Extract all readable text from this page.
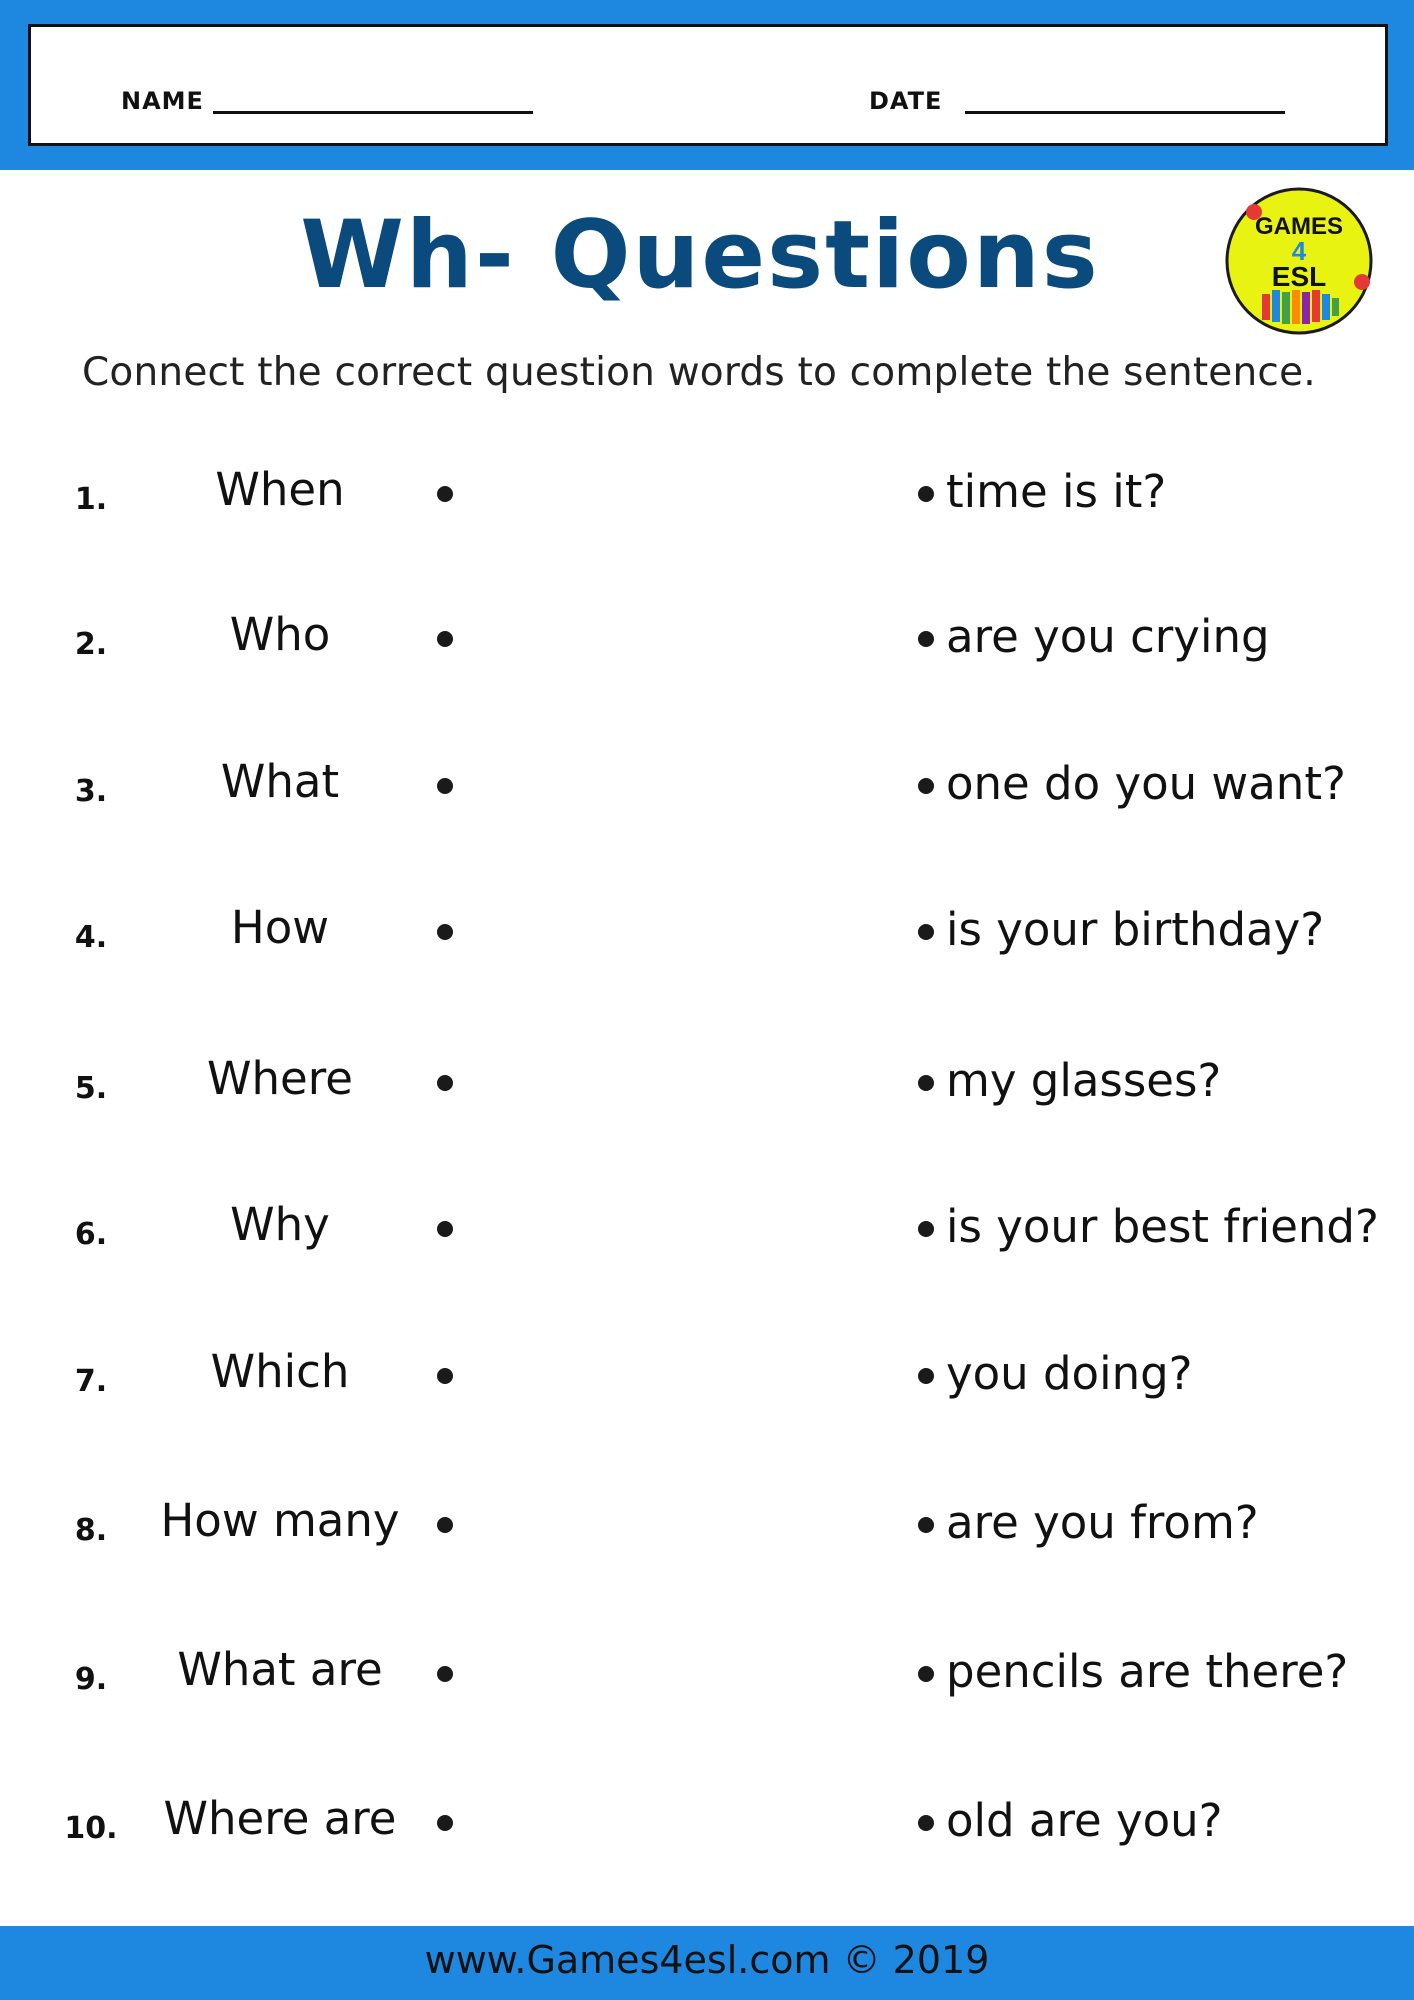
NAME	DATE
Wh- Questions	GAMES
4
ESL
Connect the correct question words to complete the sentence.
1.	When	time is it?
2.	Who	are you crying
3.	What	one do you want?
4.	How	is your birthday?
5.	Where	my glasses?
6.	Why	is your best friend?
7.	Which	you doing?
8.	How many	are you from?
9.	What are	pencils are there?
10.	Where are	old are you?
www.Games4esl.com © 2019
